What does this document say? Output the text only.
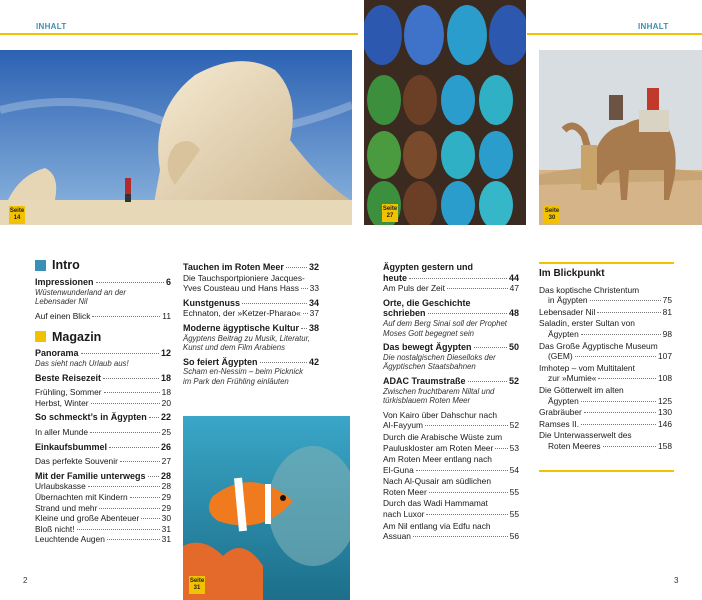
INHALT	INHALT
Seite
14
Seite
27
Seite
30
Seite
31
Intro
Impressionen	6
Wüstenwunderland an der
Lebensader Nil
Auf einen Blick	11
Magazin
Panorama	12
Das sieht nach Urlaub aus!
Beste Reisezeit	18
Frühling, Sommer	18
Herbst, Winter	20
So schmeckt’s in Ägypten 22
In aller Munde	25
Einkaufsbummel	26
Das perfekte Souvenir	27
Mit der Familie unterwegs 28
Urlaubskasse	28
Übernachten mit Kindern	29
Strand und mehr	29
Kleine und große Abenteuer	30
Bloß nicht!	31
Leuchtende Augen	31
Tauchen im Roten Meer	32
Die Tauchsportpioniere Jacques-
Yves Cousteau und Hans Hass 33
Kunstgenuss	34
Echnaton, der »Ketzer-Pharao« 37
Moderne ägyptische Kultur 38
Ägyptens Beitrag zu Musik, Literatur,
Kunst und dem Film Arabiens
So feiert Ägypten	42
Scham en-Nessim – beim Picknick
im Park den Frühling einläuten
Ägypten gestern und
heute	44
Am Puls der Zeit	47
Orte, die Geschichte
schrieben	48
Auf dem Berg Sinai soll der Prophet
Moses Gott begegnet sein
Das bewegt Ägypten	50
Die nostalgischen Dieselloks der
Ägyptischen Staatsbahnen
ADAC Traumstraße	52
Zwischen fruchtbarem Niltal und
türkisblauem Roten Meer
Von Kairo über Dahschur nach
Al-Fayyum	52
Durch die Arabische Wüste zum
Pauluskloster am Roten Meer 53
Am Roten Meer entlang nach
El-Guna	54
Nach Al-Qusair am südlichen
Roten Meer	55
Durch das Wadi Hammamat
nach Luxor	55
Am Nil entlang via Edfu nach
Assuan	56
Im Blickpunkt
Das koptische Christentum
in Ägypten	75
Lebensader Nil	81
Saladin, erster Sultan von
Ägypten	98
Das Große Ägyptische Museum
(GEM)	107
Imhotep – vom Multitalent
zur »Mumie«	108
Die Götterwelt im alten
Ägypten	125
Grabräuber	130
Ramses II.	146
Die Unterwasserwelt des
Roten Meeres	158
2	3
